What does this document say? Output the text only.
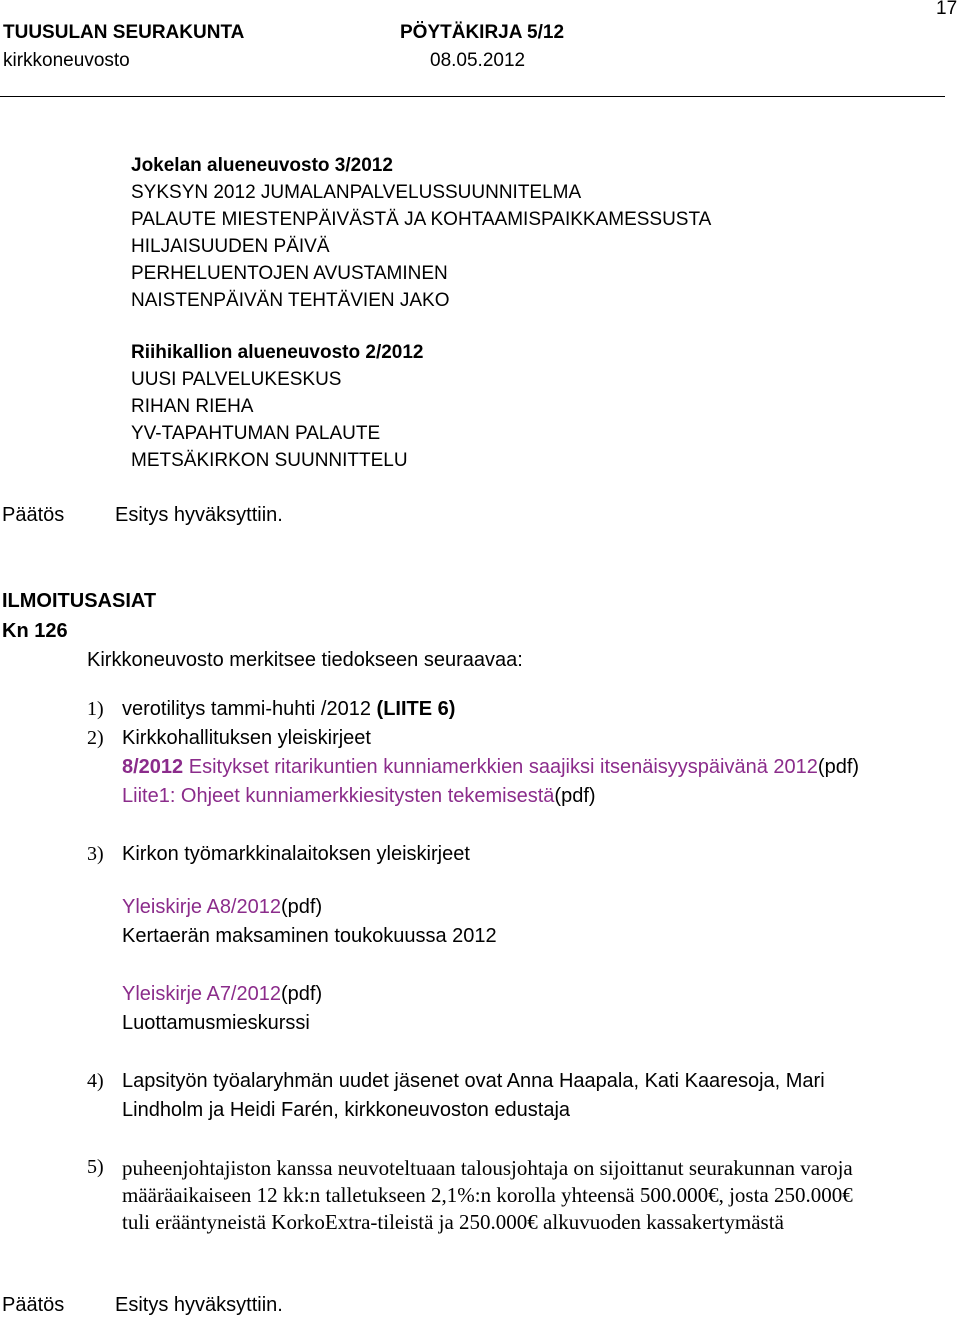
TUUSULAN SEURAKUNTA	PÖYTÄKIRJA 5/12
17
kirkkoneuvosto	08.05.2012
Jokelan alueneuvosto 3/2012
SYKSYN 2012 JUMALANPALVELUSSUUNNITELMA
PALAUTE MIESTENPÄIVÄSTÄ JA KOHTAAMISPAIKKAMESSUSTA
HILJAISUUDEN PÄIVÄ
PERHELUENTOJEN AVUSTAMINEN
NAISTENPÄIVÄN TEHTÄVIEN JAKO
Riihikallion alueneuvosto 2/2012
UUSI PALVELUKESKUS
RIHAN RIEHA
YV-TAPAHTUMAN PALAUTE
METSÄKIRKON SUUNNITTELU
Päätös	Esitys hyväksyttiin.
ILMOITUSASIAT
Kn 126
Kirkkoneuvosto merkitsee tiedokseen seuraavaa:
1) verotilitys tammi-huhti /2012 (LIITE 6)
2) Kirkkohallituksen yleiskirjeet
8/2012 Esitykset ritarikuntien kunniamerkkien saajiksi itsenäisyyspäivänä 2012(pdf)
Liite1: Ohjeet kunniamerkkiesitysten tekemisestä(pdf)
3) Kirkon työmarkkinalaitoksen yleiskirjeet
Yleiskirje A8/2012(pdf)
Kertaerän maksaminen toukokuussa 2012
Yleiskirje A7/2012(pdf)
Luottamusmieskurssi
4) Lapsityön työalaryhmän uudet jäsenet ovat Anna Haapala, Kati Kaaresoja, Mari
Lindholm ja Heidi Farén, kirkkoneuvoston edustaja
5) puheenjohtajiston kanssa neuvoteltuaan talousjohtaja on sijoittanut seurakunnan varoja
määräaikaiseen 12 kk:n talletukseen 2,1%:n korolla yhteensä 500.000€, josta 250.000€
tuli erääntyneistä KorkoExtra-tileistä ja 250.000€ alkuvuoden kassakertymästä
Päätös	Esitys hyväksyttiin.
